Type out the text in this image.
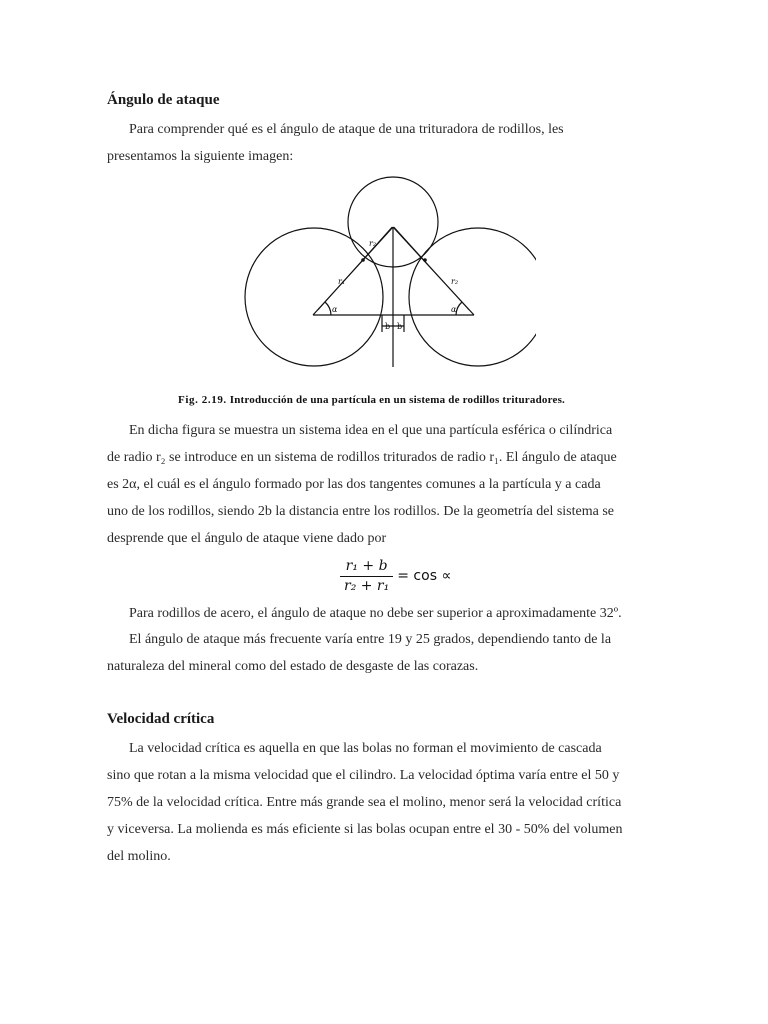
Ángulo de ataque

Para comprender qué es el ángulo de ataque de una trituradora de rodillos, les

presentamos la siguiente imagen:

r₁
r₂
r₂
α	α
b b

Fig. 2.19. Introducción de una partícula en un sistema de rodillos trituradores.

En dicha figura se muestra un sistema idea en el que una partícula esférica o cilíndrica

de radio r₂ se introduce en un sistema de rodillos triturados de radio r₁. El ángulo de ataque

es 2α, el cuál es el ángulo formado por las dos tangentes comunes a la partícula y a cada

uno de los rodillos, siendo 2b la distancia entre los rodillos. De la geometría del sistema se

desprende que el ángulo de ataque viene dado por

$\frac{\text{r₁ + b}}{\text{r₂ + r₁}} = \cos$ ∝

Para rodillos de acero, el ángulo de ataque no debe ser superior a aproximadamente 32º.

El ángulo de ataque más frecuente varía entre 19 y 25 grados, dependiendo tanto de la

naturaleza del mineral como del estado de desgaste de las corazas.

Velocidad crítica

La velocidad crítica es aquella en que las bolas no forman el movimiento de cascada

sino que rotan a la misma velocidad que el cilindro. La velocidad óptima varía entre el 50 y

75% de la velocidad crítica. Entre más grande sea el molino, menor será la velocidad crítica

y viceversa. La molienda es más eficiente si las bolas ocupan entre el 30 - 50% del volumen

del molino.
